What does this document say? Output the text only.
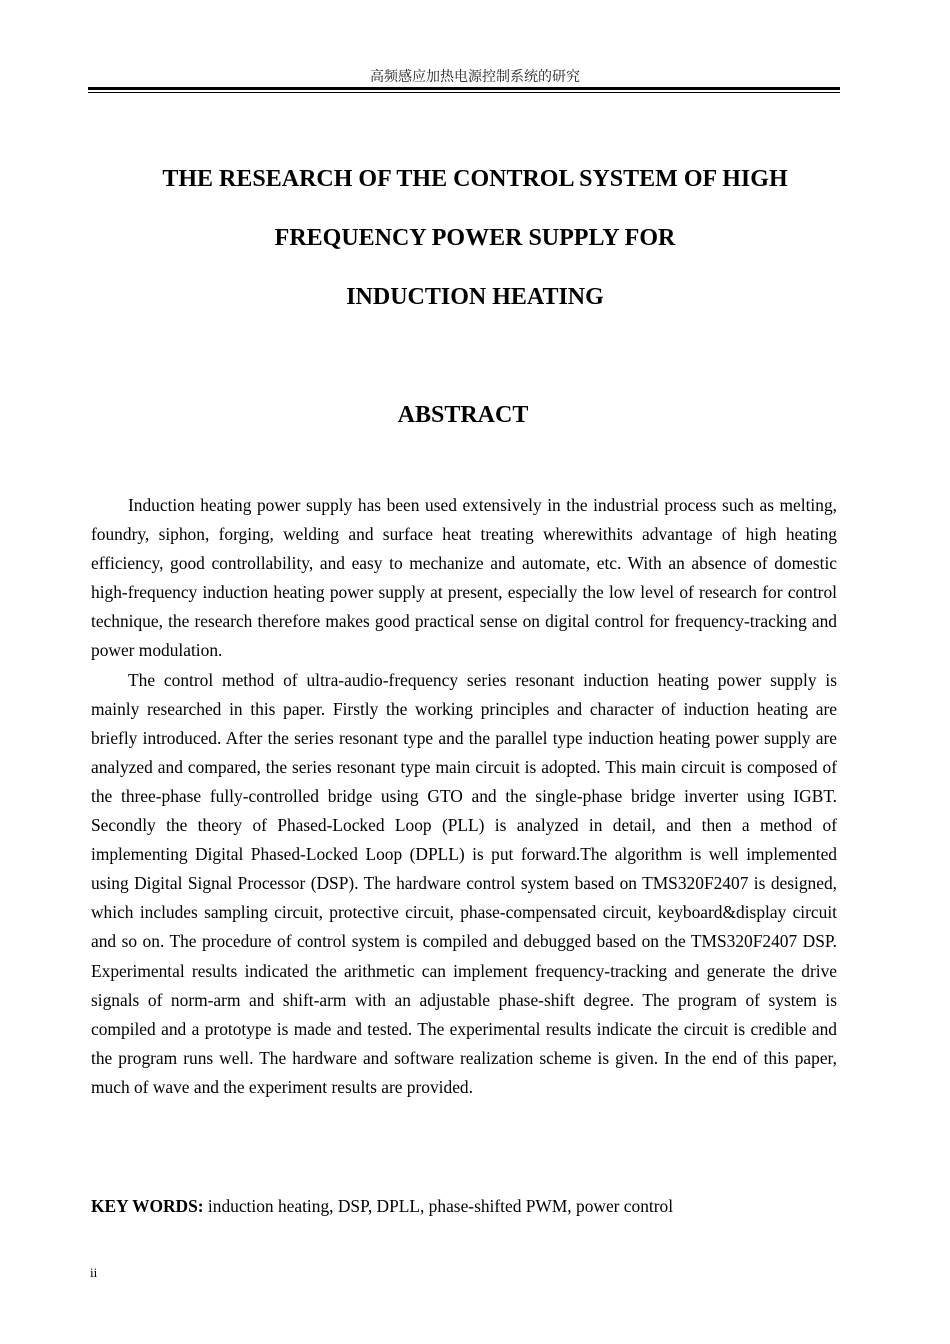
高频感应加热电源控制系统的研究
THE RESEARCH OF THE CONTROL SYSTEM OF HIGH
FREQUENCY POWER SUPPLY FOR
INDUCTION HEATING
ABSTRACT

Induction heating power supply has been used extensively in the industrial process such as melting, foundry, siphon, forging, welding and surface heat treating wherewithits advantage of high heating efficiency, good controllability, and easy to mechanize and automate, etc. With an absence of domestic high-frequency induction heating power supply at present, especially the low level of research for control technique, the research therefore makes good practical sense on digital control for frequency-tracking and power modulation.

The control method of ultra-audio-frequency series resonant induction heating power supply is mainly researched in this paper. Firstly the working principles and character of induction heating are briefly introduced. After the series resonant type and the parallel type induction heating power supply are analyzed and compared, the series resonant type main circuit is adopted. This main circuit is composed of the three-phase fully-controlled bridge using GTO and the single-phase bridge inverter using IGBT. Secondly the theory of Phased-Locked Loop (PLL) is analyzed in detail, and then a method of implementing Digital Phased-Locked Loop (DPLL) is put forward.The algorithm is well implemented using Digital Signal Processor (DSP). The hardware control system based on TMS320F2407 is designed, which includes sampling circuit, protective circuit, phase-compensated circuit, keyboard&display circuit and so on. The procedure of control system is compiled and debugged based on the TMS320F2407 DSP. Experimental results indicated the arithmetic can implement frequency-tracking and generate the drive signals of norm-arm and shift-arm with an adjustable phase-shift degree. The program of system is compiled and a prototype is made and tested. The experimental results indicate the circuit is credible and the program runs well. The hardware and software realization scheme is given. In the end of this paper, much of wave and the experiment results are provided.

KEY WORDS: induction heating, DSP, DPLL, phase-shifted PWM, power control
ii
